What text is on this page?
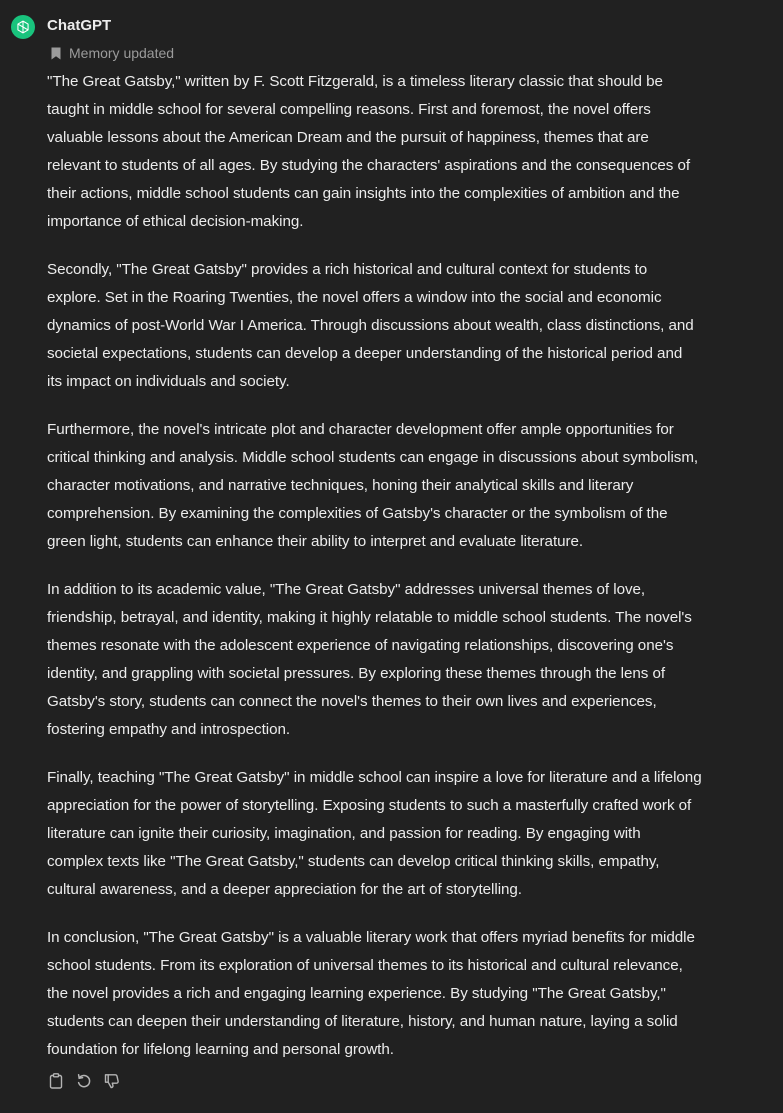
ChatGPT
Memory updated

"The Great Gatsby," written by F. Scott Fitzgerald, is a timeless literary classic that should be
taught in middle school for several compelling reasons. First and foremost, the novel offers
valuable lessons about the American Dream and the pursuit of happiness, themes that are
relevant to students of all ages. By studying the characters' aspirations and the consequences of
their actions, middle school students can gain insights into the complexities of ambition and the
importance of ethical decision-making.

Secondly, "The Great Gatsby" provides a rich historical and cultural context for students to
explore. Set in the Roaring Twenties, the novel offers a window into the social and economic
dynamics of post-World War I America. Through discussions about wealth, class distinctions, and
societal expectations, students can develop a deeper understanding of the historical period and
its impact on individuals and society.

Furthermore, the novel's intricate plot and character development offer ample opportunities for
critical thinking and analysis. Middle school students can engage in discussions about symbolism,
character motivations, and narrative techniques, honing their analytical skills and literary
comprehension. By examining the complexities of Gatsby's character or the symbolism of the
green light, students can enhance their ability to interpret and evaluate literature.

In addition to its academic value, "The Great Gatsby" addresses universal themes of love,
friendship, betrayal, and identity, making it highly relatable to middle school students. The novel's
themes resonate with the adolescent experience of navigating relationships, discovering one's
identity, and grappling with societal pressures. By exploring these themes through the lens of
Gatsby's story, students can connect the novel's themes to their own lives and experiences,
fostering empathy and introspection.

Finally, teaching "The Great Gatsby" in middle school can inspire a love for literature and a lifelong
appreciation for the power of storytelling. Exposing students to such a masterfully crafted work of
literature can ignite their curiosity, imagination, and passion for reading. By engaging with
complex texts like "The Great Gatsby," students can develop critical thinking skills, empathy,
cultural awareness, and a deeper appreciation for the art of storytelling.

In conclusion, "The Great Gatsby" is a valuable literary work that offers myriad benefits for middle
school students. From its exploration of universal themes to its historical and cultural relevance,
the novel provides a rich and engaging learning experience. By studying "The Great Gatsby,"
students can deepen their understanding of literature, history, and human nature, laying a solid
foundation for lifelong learning and personal growth.
